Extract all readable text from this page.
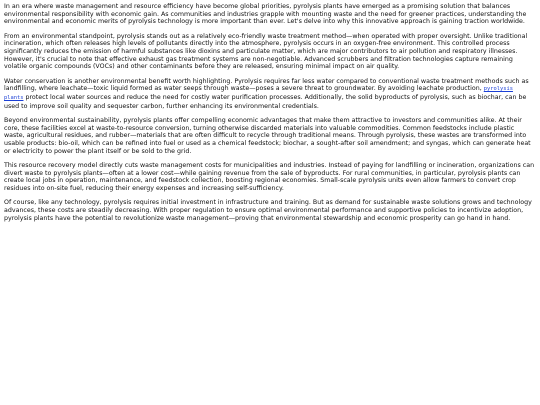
In an era where waste management and resource efficiency have become global priorities, pyrolysis plants have emerged as a promising solution that balances environmental responsibility with economic gain. As communities and industries grapple with mounting waste and the need for greener practices, understanding the environmental and economic merits of pyrolysis technology is more important than ever. Let's delve into why this innovative approach is gaining traction worldwide.

From an environmental standpoint, pyrolysis stands out as a relatively eco-friendly waste treatment method—when operated with proper oversight. Unlike traditional incineration, which often releases high levels of pollutants directly into the atmosphere, pyrolysis occurs in an oxygen-free environment. This controlled process significantly reduces the emission of harmful substances like dioxins and particulate matter, which are major contributors to air pollution and respiratory illnesses. However, it's crucial to note that effective exhaust gas treatment systems are non-negotiable. Advanced scrubbers and filtration technologies capture remaining volatile organic compounds (VOCs) and other contaminants before they are released, ensuring minimal impact on air quality.

Water conservation is another environmental benefit worth highlighting. Pyrolysis requires far less water compared to conventional waste treatment methods such as landfilling, where leachate—toxic liquid formed as water seeps through waste—poses a severe threat to groundwater. By avoiding leachate production, pyrolysis plants protect local water sources and reduce the need for costly water purification processes. Additionally, the solid byproducts of pyrolysis, such as biochar, can be used to improve soil quality and sequester carbon, further enhancing its environmental credentials.

Beyond environmental sustainability, pyrolysis plants offer compelling economic advantages that make them attractive to investors and communities alike. At their core, these facilities excel at waste-to-resource conversion, turning otherwise discarded materials into valuable commodities. Common feedstocks include plastic waste, agricultural residues, and rubber—materials that are often difficult to recycle through traditional means. Through pyrolysis, these wastes are transformed into usable products: bio-oil, which can be refined into fuel or used as a chemical feedstock; biochar, a sought-after soil amendment; and syngas, which can generate heat or electricity to power the plant itself or be sold to the grid.

This resource recovery model directly cuts waste management costs for municipalities and industries. Instead of paying for landfilling or incineration, organizations can divert waste to pyrolysis plants—often at a lower cost—while gaining revenue from the sale of byproducts. For rural communities, in particular, pyrolysis plants can create local jobs in operation, maintenance, and feedstock collection, boosting regional economies. Small-scale pyrolysis units even allow farmers to convert crop residues into on-site fuel, reducing their energy expenses and increasing self-sufficiency.

Of course, like any technology, pyrolysis requires initial investment in infrastructure and training. But as demand for sustainable waste solutions grows and technology advances, these costs are steadily decreasing. With proper regulation to ensure optimal environmental performance and supportive policies to incentivize adoption, pyrolysis plants have the potential to revolutionize waste management—proving that environmental stewardship and economic prosperity can go hand in hand.
